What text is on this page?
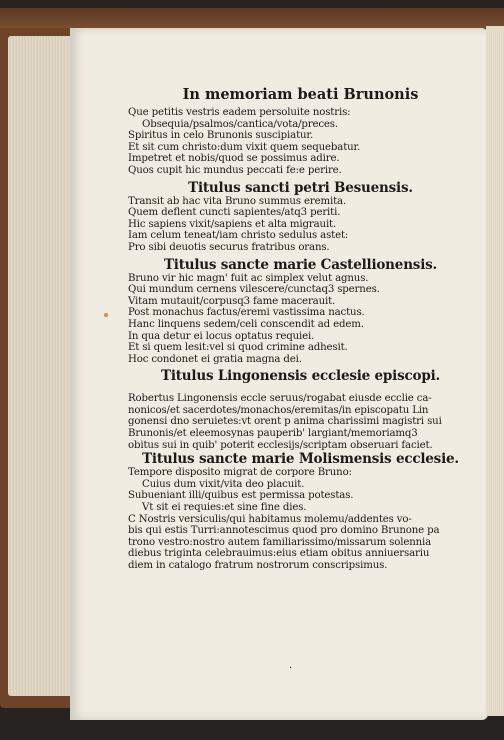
In memoriam beati Brunonis
Que petitis vestris eadem persoluite nostris:
Obsequia/psalmos/cantica/vota/preces.
Spiritus in celo Brunonis suscipiatur.
Et sit cum christo:dum vixit quem sequebatur.
Impetret et nobis/quod se possimus adire.
Quos cupit hic mundus peccati fe:e perire.
Titulus sancti petri Besuensis.
Transit ab hac vita Bruno summus eremita.
Quem deflent cuncti sapientes/atq3 periti.
Hic sapiens vixit/sapiens et alta migrauit.
Iam celum teneat/iam christo sedulus astet:
Pro sibi deuotis securus fratribus orans.
Titulus sancte marie Castellionensis.
Bruno vir hic magn' fuit ac simplex velut agnus.
Qui mundum cernens vilescere/cunctaq3 spernes.
Vitam mutauit/corpusq3 fame macerauit.
Post monachus factus/eremi vastissima nactus.
Hanc linquens sedem/celi conscendit ad edem.
In qua detur ei locus optatus requiei.
Et si quem lesit:vel si quod crimine adhesit.
Hoc condonet ei gratia magna dei.
Titulus Lingonensis ecclesie episcopi.
Robertus Lingonensis eccle seruus/rogabat eiusde ecclie ca-
nonicos/et sacerdotes/monachos/eremitas/in episcopatu Lin
gonensi dno seruietes:vt orent p anima charissimi magistri sui
Brunonis/et eleemosynas pauperib' largiant/memoriamq3
obitus sui in quib' poterit ecclesijs/scriptam obseruari faciet.
Titulus sancte marie Molismensis ecclesie.
Tempore disposito migrat de corpore Bruno:
Cuius dum vixit/vita deo placuit.
Subueniant illi/quibus est permissa potestas.
Vt sit ei requies:et sine fine dies.
C Nostris versiculis/qui habitamus molemu/addentes vo-
bis qui estis Turri:annotescimus quod pro domino Brunone pa
trono vestro:nostro autem familiarissimo/missarum solennia
diebus triginta celebrauimus:eius etiam obitus anniuersariu
diem in catalogo fratrum nostrorum conscripsimus.
.
